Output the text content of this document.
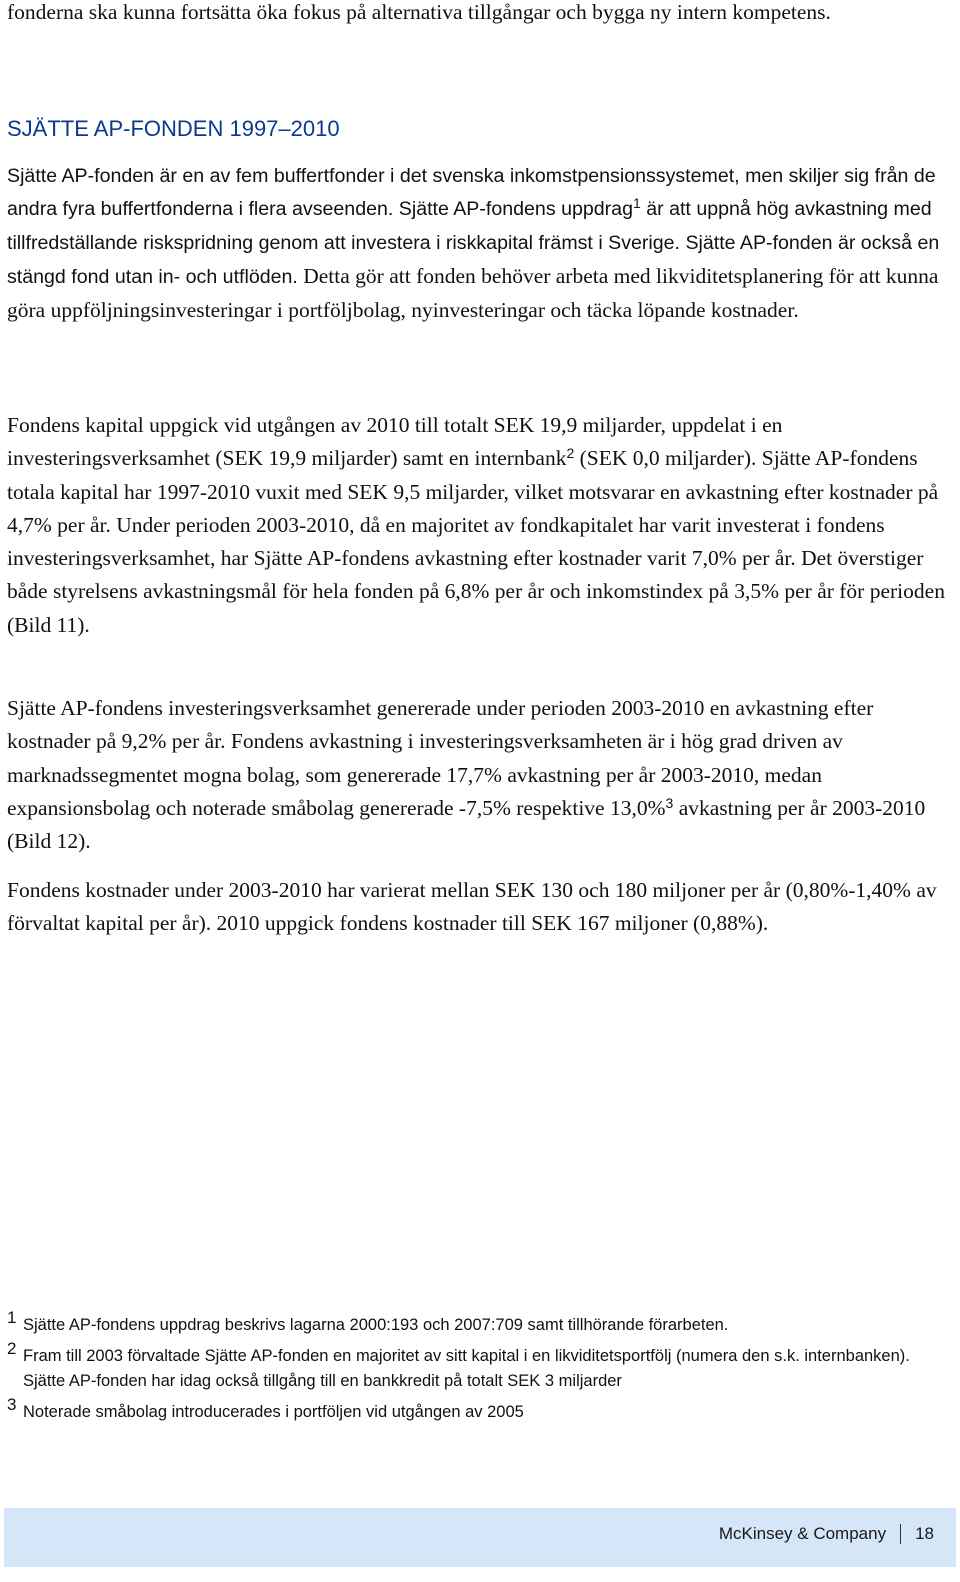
fonderna ska kunna fortsätta öka fokus på alternativa tillgångar och bygga ny intern kompetens.

SJÄTTE AP-FONDEN 1997–2010

Sjätte AP-fonden är en av fem buffertfonder i det svenska inkomstpensionssystemet, men skiljer sig från de andra fyra buffertfonderna i flera avseenden. Sjätte AP-fondens uppdrag$^1$ är att uppnå hög avkastning med tillfredställande riskspridning genom att investera i riskkapital främst i Sverige. Sjätte AP-fonden är också en stängd fond utan in- och utflöden. Detta gör att fonden behöver arbeta med likviditetsplanering för att kunna göra uppföljningsinvesteringar i portföljbolag, nyinvesteringar och täcka löpande kostnader.

Fondens kapital uppgick vid utgången av 2010 till totalt SEK 19,9 miljarder, uppdelat i en investeringsverksamhet (SEK 19,9 miljarder) samt en internbank$^2$ (SEK 0,0 miljarder). Sjätte AP-fondens totala kapital har 1997-2010 vuxit med SEK 9,5 miljarder, vilket motsvarar en avkastning efter kostnader på 4,7% per år. Under perioden 2003-2010, då en majoritet av fondkapitalet har varit investerat i fondens investeringsverksamhet, har Sjätte AP-fondens avkastning efter kostnader varit 7,0% per år. Det överstiger både styrelsens avkastningsmål för hela fonden på 6,8% per år och inkomstindex på 3,5% per år för perioden (Bild 11).

Sjätte AP-fondens investeringsverksamhet genererade under perioden 2003-2010 en avkastning efter kostnader på 9,2% per år. Fondens avkastning i investeringsverksamheten är i hög grad driven av marknadssegmentet mogna bolag, som genererade 17,7% avkastning per år 2003-2010, medan expansionsbolag och noterade småbolag genererade -7,5% respektive 13,0%$^3$ avkastning per år 2003-2010 (Bild 12).

Fondens kostnader under 2003-2010 har varierat mellan SEK 130 och 180 miljoner per år (0,80%-1,40% av förvaltat kapital per år). 2010 uppgick fondens kostnader till SEK 167 miljoner (0,88%).

1 Sjätte AP-fondens uppdrag beskrivs lagarna 2000:193 och 2007:709 samt tillhörande förarbeten.
2 Fram till 2003 förvaltade Sjätte AP-fonden en majoritet av sitt kapital i en likviditetsportfölj (numera den s.k. internbanken). Sjätte AP-fonden har idag också tillgång till en bankkredit på totalt SEK 3 miljarder
3 Noterade småbolag introducerades i portföljen vid utgången av 2005
McKinsey & Company 18
